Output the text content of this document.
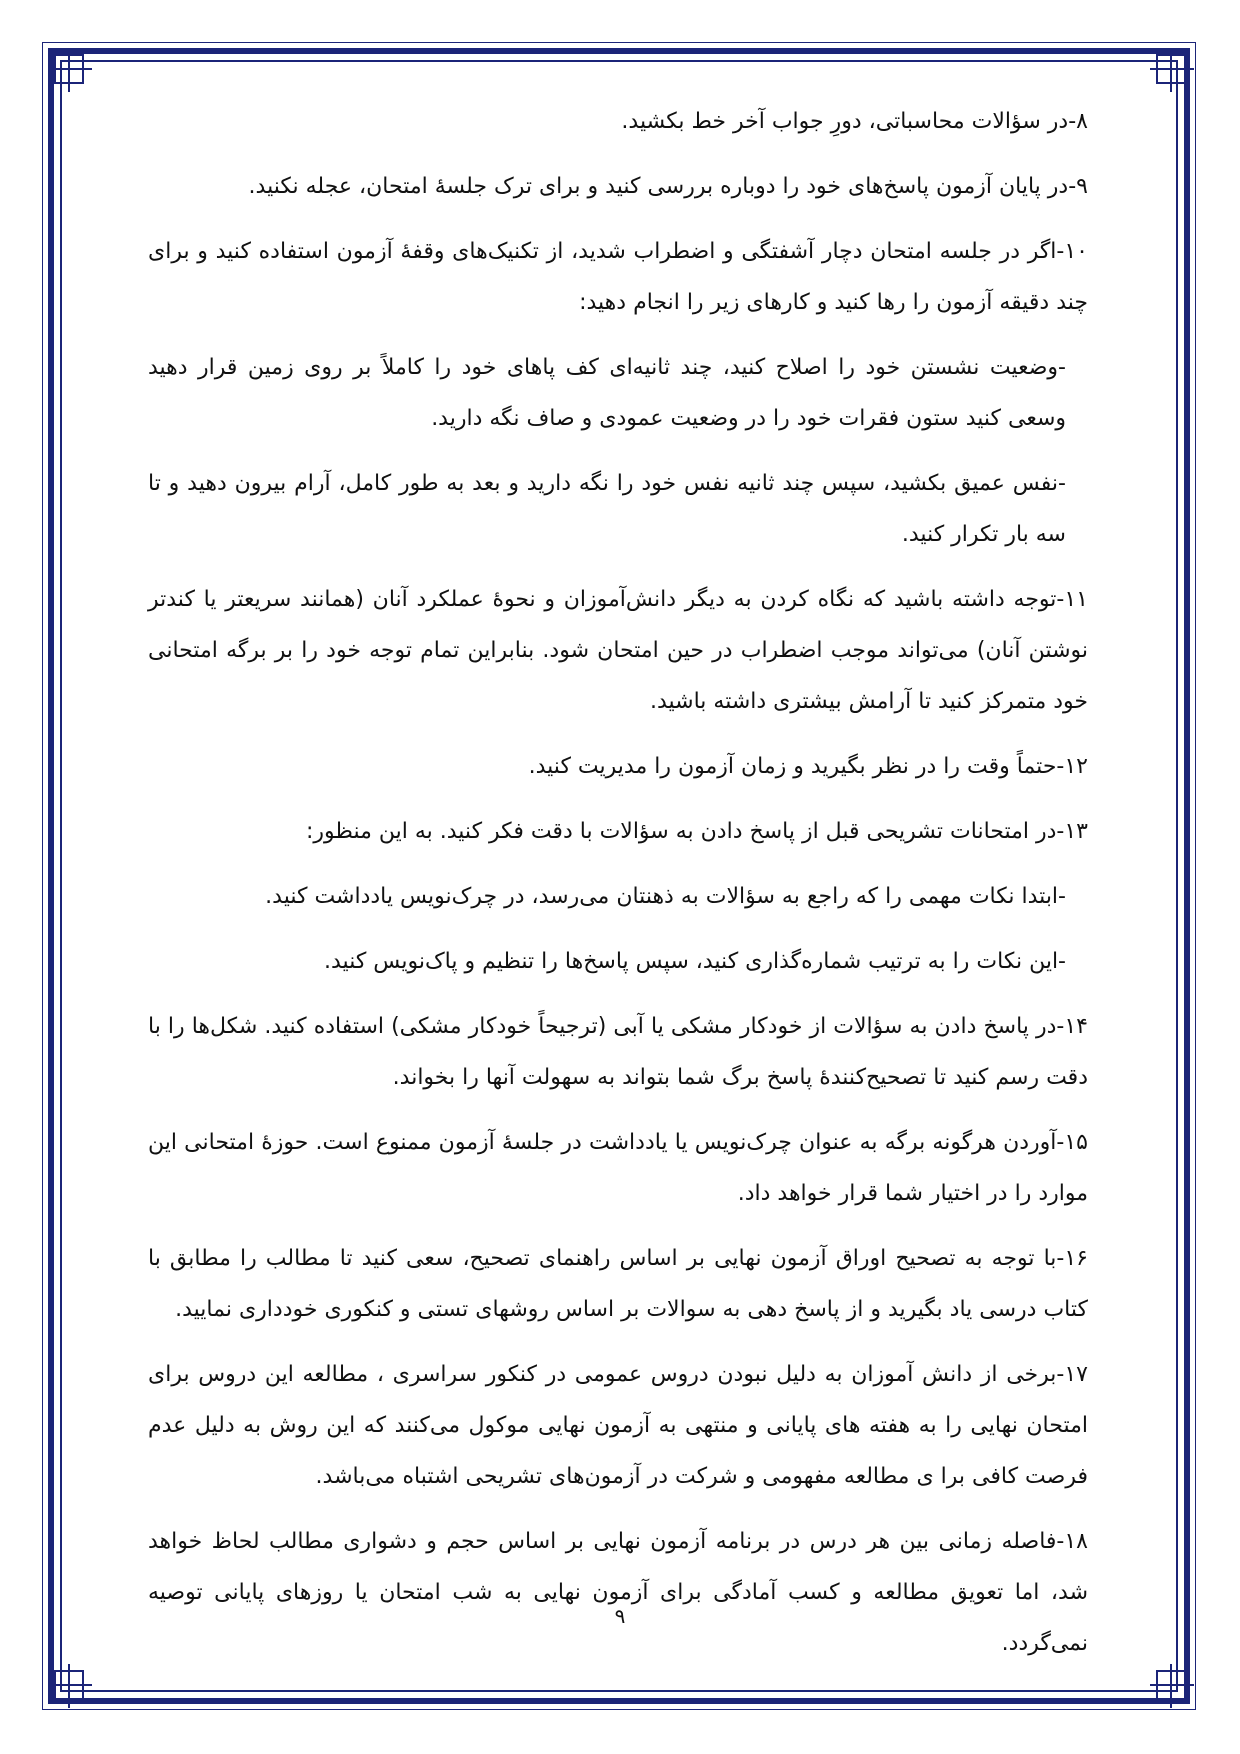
۸-در سؤالات محاسباتی، دورِ جواب آخر خط بکشید.

۹-در پایان آزمون پاسخ‌های خود را دوباره بررسی کنید و برای ترک جلسهٔ امتحان، عجله نکنید.

۱۰-اگر در جلسه امتحان دچار آشفتگی و اضطراب شدید، از تکنیک‌های وقفهٔ آزمون استفاده کنید و برای چند دقیقه آزمون را رها کنید و کارهای زیر را انجام دهید:

-وضعیت نشستن خود را اصلاح کنید، چند ثانیه‌ای کف پاهای خود را کاملاً بر روی زمین قرار دهید وسعی کنید ستون فقرات خود را در وضعیت عمودی و صاف نگه دارید.

-نفس عمیق بکشید، سپس چند ثانیه نفس خود را نگه دارید و بعد به طور کامل، آرام بیرون دهید و تا سه بار تکرار کنید.

۱۱-توجه داشته باشید که نگاه کردن به دیگر دانش‌آموزان و نحوهٔ عملکرد آنان (همانند سریعتر یا کندتر نوشتن آنان) می‌تواند موجب اضطراب در حین امتحان شود. بنابراین تمام توجه خود را بر برگه امتحانی خود متمرکز کنید تا آرامش بیشتری داشته باشید.

۱۲-حتماً وقت را در نظر بگیرید و زمان آزمون را مدیریت کنید.

۱۳-در امتحانات تشریحی قبل از پاسخ دادن به سؤالات با دقت فکر کنید. به این منظور:

-ابتدا نکات مهمی را که راجع به سؤالات به ذهنتان می‌رسد، در چرک‌نویس یادداشت کنید.

-این نکات را به ترتیب شماره‌گذاری کنید، سپس پاسخ‌ها را تنظیم و پاک‌نویس کنید.

۱۴-در پاسخ دادن به سؤالات از خودکار مشکی یا آبی (ترجیحاً خودکار مشکی) استفاده کنید. شکل‌ها را با دقت رسم کنید تا تصحیح‌کنندهٔ پاسخ برگ شما بتواند به سهولت آنها را بخواند.

۱۵-آوردن هرگونه برگه به عنوان چرک‌نویس یا یادداشت در جلسهٔ آزمون ممنوع است. حوزهٔ امتحانی این موارد را در اختیار شما قرار خواهد داد.

۱۶-با توجه به تصحیح اوراق آزمون نهایی بر اساس راهنمای تصحیح، سعی کنید تا مطالب را مطابق با کتاب درسی یاد بگیرید و از پاسخ دهی به سوالات بر اساس روشهای تستی و کنکوری خودداری نمایید.

۱۷-برخی از دانش آموزان به دلیل نبودن دروس عمومی در کنکور سراسری ، مطالعه این دروس برای امتحان نهایی را به هفته های پایانی و منتهی به آزمون نهایی موکول می‌کنند که این روش به دلیل عدم فرصت کافی برا ی مطالعه مفهومی و شرکت در آزمون‌های تشریحی اشتباه می‌باشد.

۱۸-فاصله زمانی بین هر درس در برنامه آزمون نهایی بر اساس حجم و دشواری مطالب لحاظ خواهد شد، اما تعویق مطالعه و کسب آمادگی برای آزمون نهایی به شب امتحان یا روزهای پایانی توصیه نمی‌گردد.

۹
